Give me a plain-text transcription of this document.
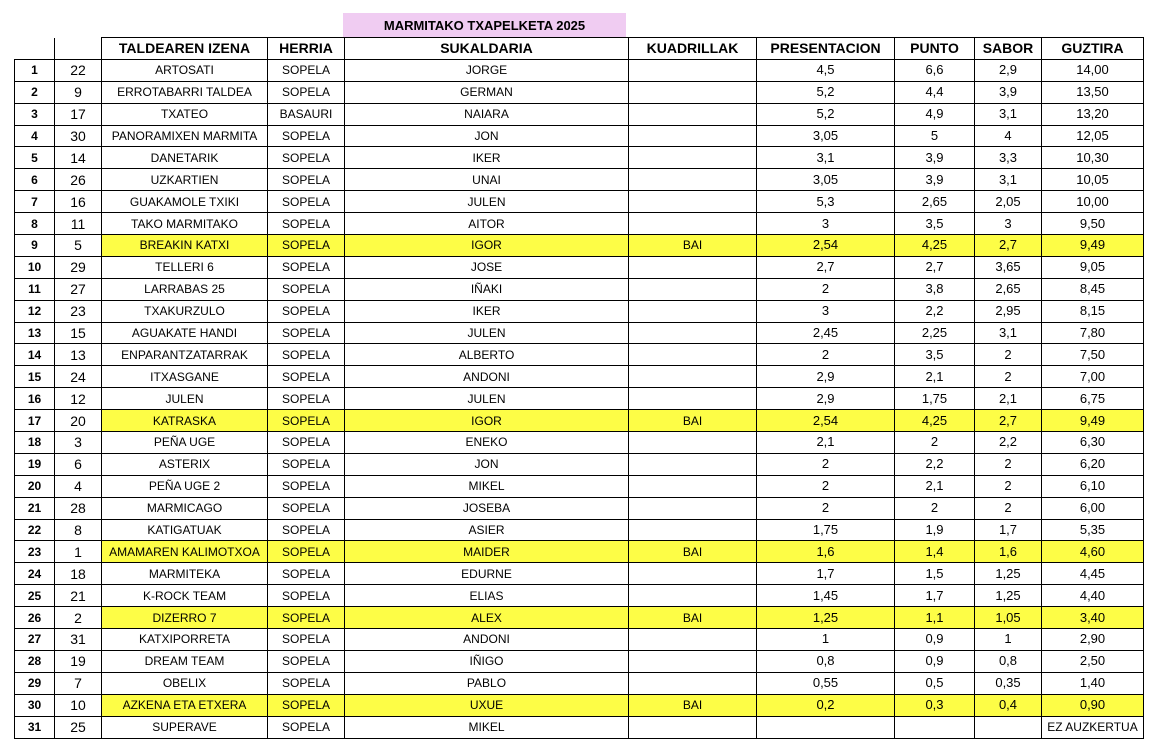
MARMITAKO TXAPELKETA 2025
		TALDEAREN IZENA	HERRIA	SUKALDARIA	KUADRILLAK	PRESENTACION	PUNTO	SABOR	GUZTIRA
1	22	ARTOSATI	SOPELA	JORGE		4,5	6,6	2,9	14,00
2	9	ERROTABARRI TALDEA	SOPELA	GERMAN		5,2	4,4	3,9	13,50
3	17	TXATEO	BASAURI	NAIARA		5,2	4,9	3,1	13,20
4	30	PANORAMIXEN MARMITA	SOPELA	JON		3,05	5	4	12,05
5	14	DANETARIK	SOPELA	IKER		3,1	3,9	3,3	10,30
6	26	UZKARTIEN	SOPELA	UNAI		3,05	3,9	3,1	10,05
7	16	GUAKAMOLE TXIKI	SOPELA	JULEN		5,3	2,65	2,05	10,00
8	11	TAKO MARMITAKO	SOPELA	AITOR		3	3,5	3	9,50
9	5	BREAKIN KATXI	SOPELA	IGOR	BAI	2,54	4,25	2,7	9,49
10	29	TELLERI 6	SOPELA	JOSE		2,7	2,7	3,65	9,05
11	27	LARRABAS 25	SOPELA	IÑAKI		2	3,8	2,65	8,45
12	23	TXAKURZULO	SOPELA	IKER		3	2,2	2,95	8,15
13	15	AGUAKATE HANDI	SOPELA	JULEN		2,45	2,25	3,1	7,80
14	13	ENPARANTZATARRAK	SOPELA	ALBERTO		2	3,5	2	7,50
15	24	ITXASGANE	SOPELA	ANDONI		2,9	2,1	2	7,00
16	12	JULEN	SOPELA	JULEN		2,9	1,75	2,1	6,75
17	20	KATRASKA	SOPELA	IGOR	BAI	2,54	4,25	2,7	9,49
18	3	PEÑA UGE	SOPELA	ENEKO		2,1	2	2,2	6,30
19	6	ASTERIX	SOPELA	JON		2	2,2	2	6,20
20	4	PEÑA UGE 2	SOPELA	MIKEL		2	2,1	2	6,10
21	28	MARMICAGO	SOPELA	JOSEBA		2	2	2	6,00
22	8	KATIGATUAK	SOPELA	ASIER		1,75	1,9	1,7	5,35
23	1	AMAMAREN KALIMOTXOA	SOPELA	MAIDER	BAI	1,6	1,4	1,6	4,60
24	18	MARMITEKA	SOPELA	EDURNE		1,7	1,5	1,25	4,45
25	21	K-ROCK TEAM	SOPELA	ELIAS		1,45	1,7	1,25	4,40
26	2	DIZERRO 7	SOPELA	ALEX	BAI	1,25	1,1	1,05	3,40
27	31	KATXIPORRETA	SOPELA	ANDONI		1	0,9	1	2,90
28	19	DREAM TEAM	SOPELA	IÑIGO		0,8	0,9	0,8	2,50
29	7	OBELIX	SOPELA	PABLO		0,55	0,5	0,35	1,40
30	10	AZKENA ETA ETXERA	SOPELA	UXUE	BAI	0,2	0,3	0,4	0,90
31	25	SUPERAVE	SOPELA	MIKEL					EZ AUZKERTUA
